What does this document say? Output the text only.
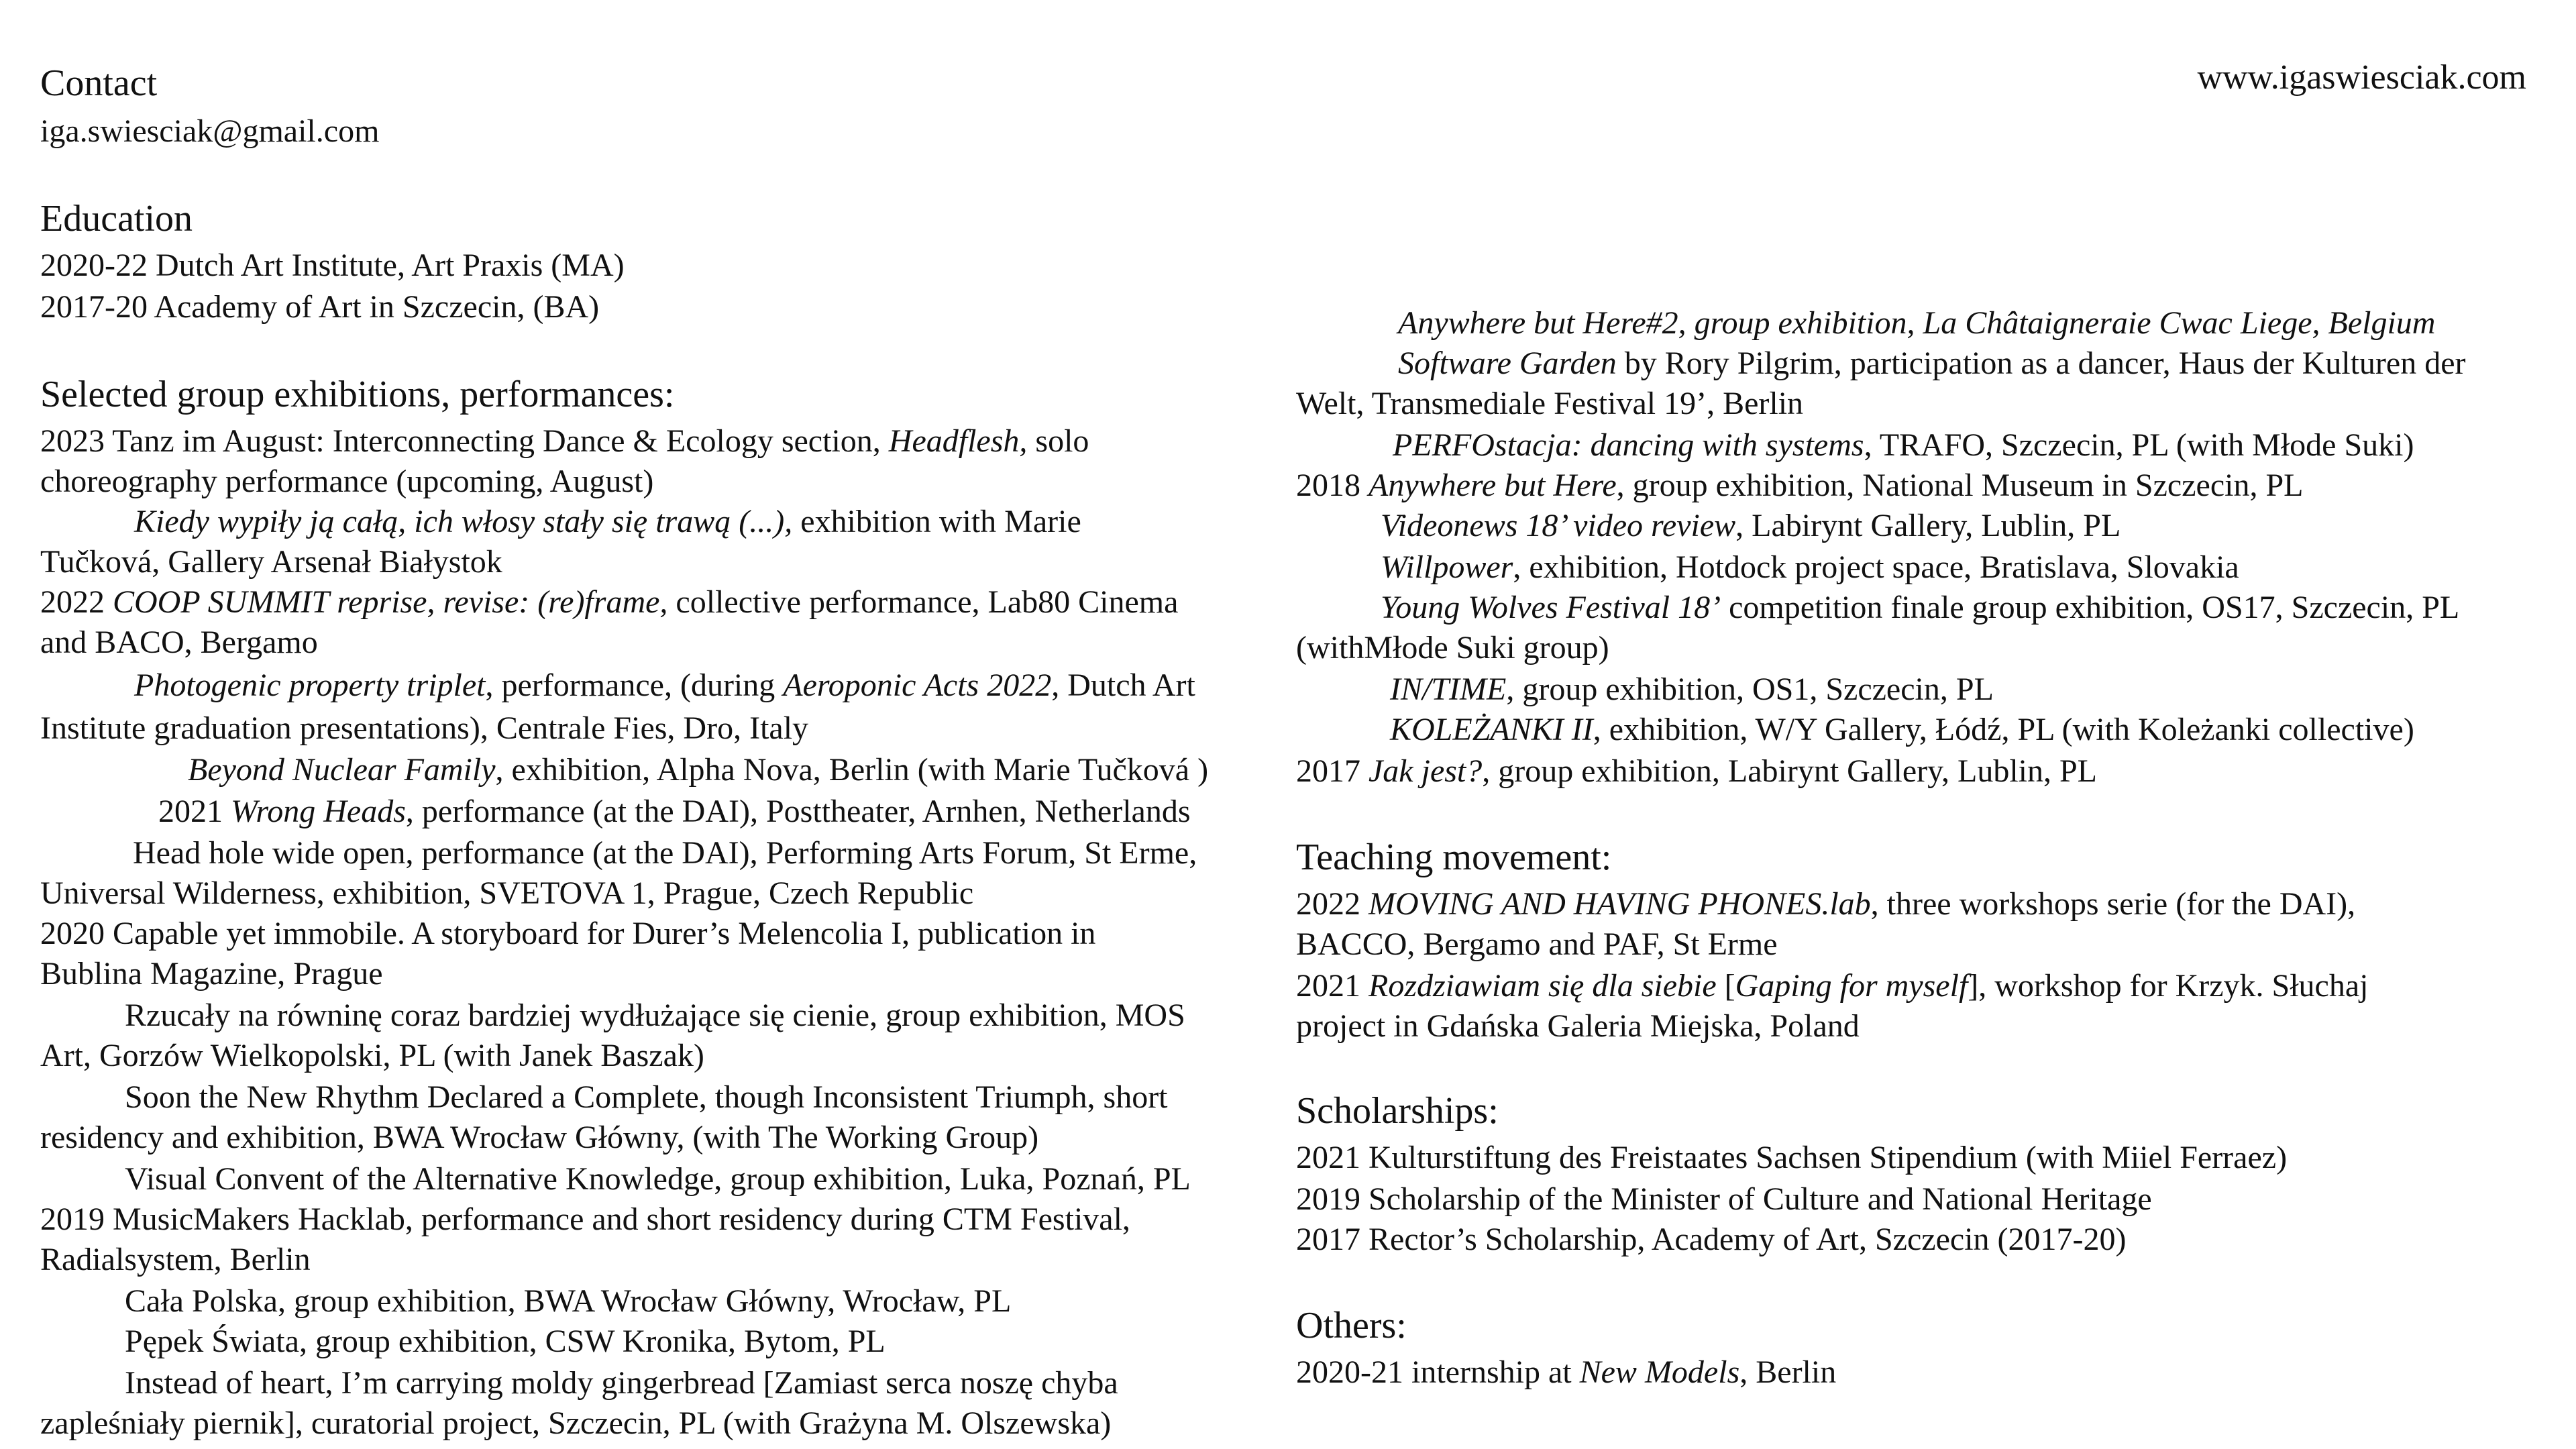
Contact

iga.swiesciak@gmail.com

www.igaswiesciak.com

Education

2020-22 Dutch Art Institute, Art Praxis (MA)

2017-20 Academy of Art in Szczecin, (BA)

Selected group exhibitions, performances:

2023 Tanz im August: Interconnecting Dance & Ecology section, Headflesh, solo

choreography performance (upcoming, August)

Kiedy wypiły ją całą, ich włosy stały się trawą (...), exhibition with Marie

Tučková, Gallery Arsenał Białystok

2022 COOP SUMMIT reprise, revise: (re)frame, collective performance, Lab80 Cinema

and BACO, Bergamo

Photogenic property triplet, performance, (during Aeroponic Acts 2022, Dutch Art

Institute graduation presentations), Centrale Fies, Dro, Italy

Beyond Nuclear Family, exhibition, Alpha Nova, Berlin (with Marie Tučková )

2021 Wrong Heads, performance (at the DAI), Posttheater, Arnhen, Netherlands

Head hole wide open, performance (at the DAI), Performing Arts Forum, St Erme,

Universal Wilderness, exhibition, SVETOVA 1, Prague, Czech Republic

2020 Capable yet immobile. A storyboard for Durer’s Melencolia I, publication in

Bublina Magazine, Prague

Rzucały na równinę coraz bardziej wydłużające się cienie, group exhibition, MOS

Art, Gorzów Wielkopolski, PL (with Janek Baszak)

Soon the New Rhythm Declared a Complete, though Inconsistent Triumph, short

residency and exhibition, BWA Wrocław Główny, (with The Working Group)

Visual Convent of the Alternative Knowledge, group exhibition, Luka, Poznań, PL

2019 MusicMakers Hacklab, performance and short residency during CTM Festival,

Radialsystem, Berlin

Cała Polska, group exhibition, BWA Wrocław Główny, Wrocław, PL

Pępek Świata, group exhibition, CSW Kronika, Bytom, PL

Instead of heart, I’m carrying moldy gingerbread [Zamiast serca noszę chyba

zapleśniały piernik], curatorial project, Szczecin, PL (with Grażyna M. Olszewska)

Anywhere but Here#2, group exhibition, La Châtaigneraie Cwac Liege, Belgium

Software Garden by Rory Pilgrim, participation as a dancer, Haus der Kulturen der

Welt, Transmediale Festival 19’, Berlin

PERFOstacja: dancing with systems, TRAFO, Szczecin, PL (with Młode Suki)

2018 Anywhere but Here, group exhibition, National Museum in Szczecin, PL

Videonews 18’ video review, Labirynt Gallery, Lublin, PL

Willpower, exhibition, Hotdock project space, Bratislava, Slovakia

Young Wolves Festival 18’ competition finale group exhibition, OS17, Szczecin, PL

(withMłode Suki group)

IN/TIME, group exhibition, OS1, Szczecin, PL

KOLEŻANKI II, exhibition, W/Y Gallery, Łódź, PL (with Koleżanki collective)

2017 Jak jest?, group exhibition, Labirynt Gallery, Lublin, PL

Teaching movement:

2022 MOVING AND HAVING PHONES.lab, three workshops serie (for the DAI),

BACCO, Bergamo and PAF, St Erme

2021 Rozdziawiam się dla siebie [Gaping for myself], workshop for Krzyk. Słuchaj

project in Gdańska Galeria Miejska, Poland

Scholarships:

2021 Kulturstiftung des Freistaates Sachsen Stipendium (with Miiel Ferraez)

2019 Scholarship of the Minister of Culture and National Heritage

2017 Rector’s Scholarship, Academy of Art, Szczecin (2017-20)

Others:

2020-21 internship at New Models, Berlin
